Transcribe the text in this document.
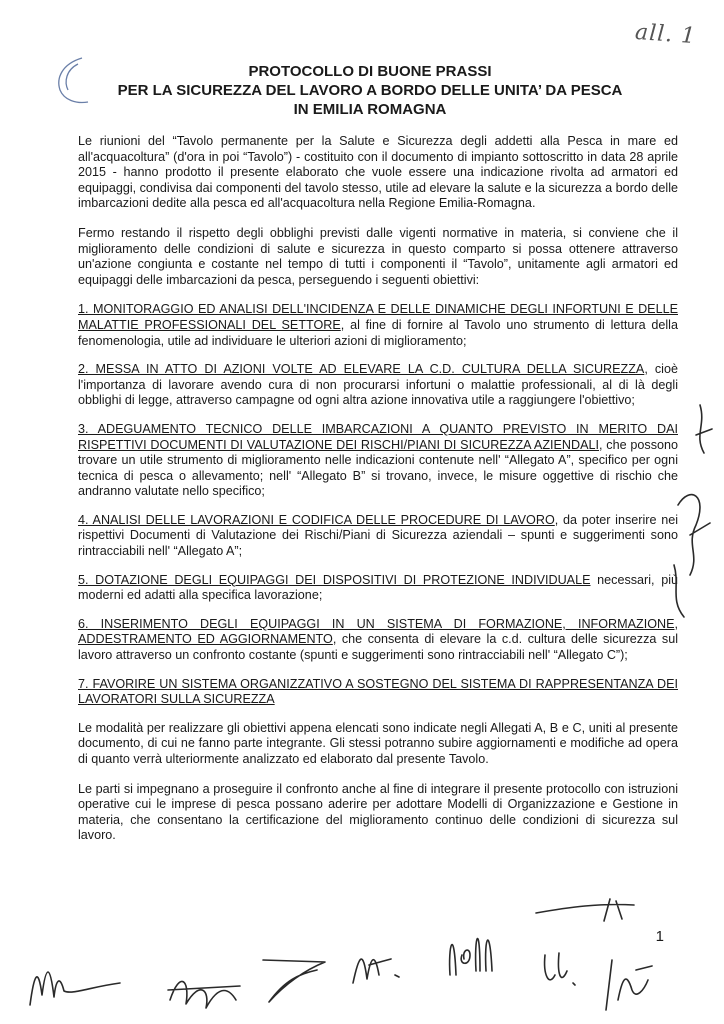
all. 1
PROTOCOLLO DI BUONE PRASSI
PER LA SICUREZZA DEL LAVORO A BORDO DELLE UNITA’ DA PESCA
IN EMILIA ROMAGNA

Le riunioni del “Tavolo permanente per la Salute e Sicurezza degli addetti alla Pesca in mare ed all'acquacoltura” (d'ora in poi “Tavolo”) - costituito con il documento di impianto sottoscritto in data 28 aprile 2015 - hanno prodotto il presente elaborato che vuole essere una indicazione rivolta ad armatori ed equipaggi, condivisa dai componenti del tavolo stesso, utile ad elevare la salute e la sicurezza a bordo delle imbarcazioni dedite alla pesca ed all'acquacoltura nella Regione Emilia-Romagna.

Fermo restando il rispetto degli obblighi previsti dalle vigenti normative in materia, si conviene che il miglioramento delle condizioni di salute e sicurezza in questo comparto si possa ottenere attraverso un'azione congiunta e costante nel tempo di tutti i componenti il “Tavolo”, unitamente agli armatori ed equipaggi delle imbarcazioni da pesca, perseguendo i seguenti obiettivi:

1. MONITORAGGIO ED ANALISI DELL'INCIDENZA E DELLE DINAMICHE DEGLI INFORTUNI E DELLE MALATTIE PROFESSIONALI DEL SETTORE, al fine di fornire al Tavolo uno strumento di lettura della fenomenologia, utile ad individuare le ulteriori azioni di miglioramento;

2. MESSA IN ATTO DI AZIONI VOLTE AD ELEVARE LA C.D. CULTURA DELLA SICUREZZA, cioè l'importanza di lavorare avendo cura di non procurarsi infortuni o malattie professionali, al di là degli obblighi di legge, attraverso campagne od ogni altra azione innovativa utile a raggiungere l'obiettivo;

3. ADEGUAMENTO TECNICO DELLE IMBARCAZIONI A QUANTO PREVISTO IN MERITO DAI RISPETTIVI DOCUMENTI DI VALUTAZIONE DEI RISCHI/PIANI DI SICUREZZA AZIENDALI, che possono trovare un utile strumento di miglioramento nelle indicazioni contenute nell' “Allegato A”, specifico per ogni tecnica di pesca o allevamento; nell' “Allegato B” si trovano, invece, le misure oggettive di rischio che andranno valutate nello specifico;

4. ANALISI DELLE LAVORAZIONI E CODIFICA DELLE PROCEDURE DI LAVORO, da poter inserire nei rispettivi Documenti di Valutazione dei Rischi/Piani di Sicurezza aziendali – spunti e suggerimenti sono rintracciabili nell' “Allegato A”;

5. DOTAZIONE DEGLI EQUIPAGGI DEI DISPOSITIVI DI PROTEZIONE INDIVIDUALE necessari, più moderni ed adatti alla specifica lavorazione;

6. INSERIMENTO DEGLI EQUIPAGGI IN UN SISTEMA DI FORMAZIONE, INFORMAZIONE, ADDESTRAMENTO ED AGGIORNAMENTO, che consenta di elevare la c.d. cultura delle sicurezza sul lavoro attraverso un confronto costante (spunti e suggerimenti sono rintracciabili nell' “Allegato C”);

7. FAVORIRE UN SISTEMA ORGANIZZATIVO A SOSTEGNO DEL SISTEMA DI RAPPRESENTANZA DEI LAVORATORI SULLA SICUREZZA

Le modalità per realizzare gli obiettivi appena elencati sono indicate negli Allegati A, B e C, uniti al presente documento, di cui ne fanno parte integrante. Gli stessi potranno subire aggiornamenti e modifiche ad opera di quanto verrà ulteriormente analizzato ed elaborato dal presente Tavolo.

Le parti si impegnano a proseguire il confronto anche al fine di integrare il presente protocollo con istruzioni operative cui le imprese di pesca possano aderire per adottare Modelli di Organizzazione e Gestione in materia, che consentano la certificazione del miglioramento continuo delle condizioni di sicurezza sul lavoro.

1
